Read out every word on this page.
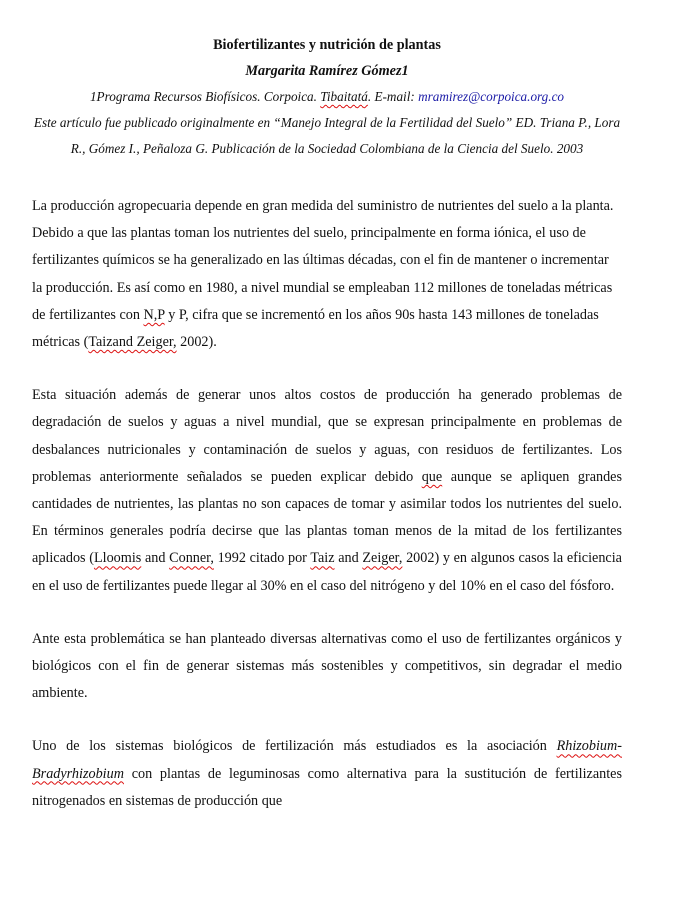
Biofertilizantes y nutrición de plantas
Margarita Ramírez Gómez1
1Programa Recursos Biofísicos. Corpoica. Tibaitatá. E-mail: mramirez@corpoica.org.co
Este artículo fue publicado originalmente en “Manejo Integral de la Fertilidad del Suelo” ED. Triana P., Lora R., Gómez I., Peñaloza G. Publicación de la Sociedad Colombiana de la Ciencia del Suelo. 2003

La producción agropecuaria depende en gran medida del suministro de nutrientes del suelo a la planta. Debido a que las plantas toman los nutrientes del suelo, principalmente en forma iónica, el uso de fertilizantes químicos se ha generalizado en las últimas décadas, con el fin de mantener o incrementar la producción. Es así como en 1980, a nivel mundial se empleaban 112 millones de toneladas métricas de fertilizantes con N,P y P, cifra que se incrementó en los años 90s hasta 143 millones de toneladas métricas (Taizand Zeiger, 2002).

Esta situación además de generar unos altos costos de producción ha generado problemas de degradación de suelos y aguas a nivel mundial, que se expresan principalmente en problemas de desbalances nutricionales y contaminación de suelos y aguas, con residuos de fertilizantes. Los problemas anteriormente señalados se pueden explicar debido que aunque se apliquen grandes cantidades de nutrientes, las plantas no son capaces de tomar y asimilar todos los nutrientes del suelo. En términos generales podría decirse que las plantas toman menos de la mitad de los fertilizantes aplicados (Lloomis and Conner, 1992 citado por Taiz and Zeiger, 2002) y en algunos casos la eficiencia en el uso de fertilizantes puede llegar al 30% en el caso del nitrógeno y del 10% en el caso del fósforo.

Ante esta problemática se han planteado diversas alternativas como el uso de fertilizantes orgánicos y biológicos con el fin de generar sistemas más sostenibles y competitivos, sin degradar el medio ambiente.

Uno de los sistemas biológicos de fertilización más estudiados es la asociación Rhizobium- Bradyrhizobium con plantas de leguminosas como alternativa para la sustitución de fertilizantes nitrogenados en sistemas de producción que
